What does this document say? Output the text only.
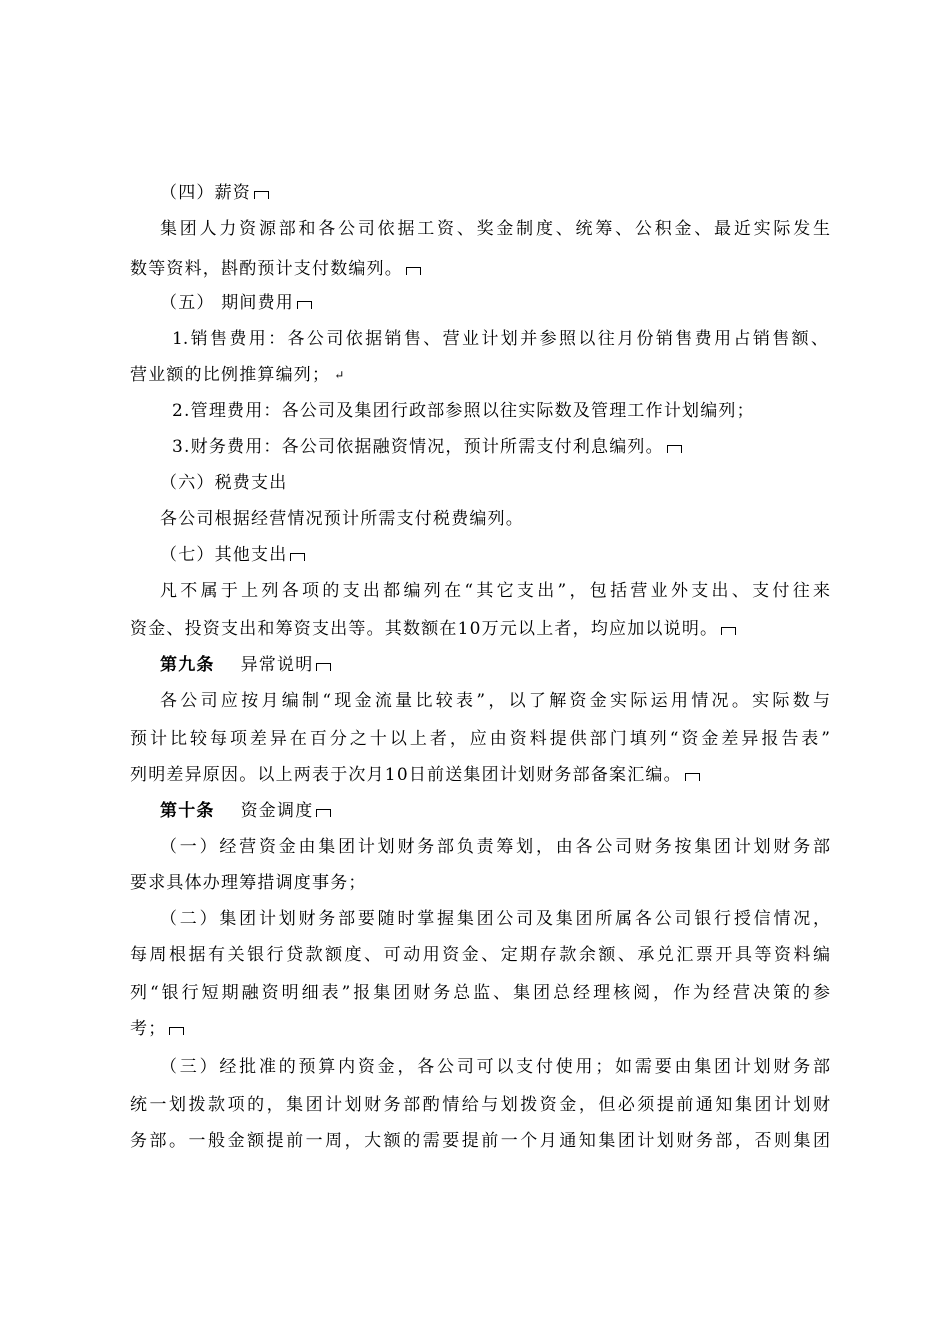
（四）薪资
集团人力资源部和各公司依据工资、奖金制度、统筹、公积金、最近实际发生
数等资料，斟酌预计支付数编列。
（五） 期间费用
1.销售费用：各公司依据销售、营业计划并参照以往月份销售费用占销售额、
营业额的比例推算编列； ↵
2.管理费用：各公司及集团行政部参照以往实际数及管理工作计划编列；
3.财务费用：各公司依据融资情况，预计所需支付利息编列。
（六）税费支出
各公司根据经营情况预计所需支付税费编列。
（七）其他支出
凡不属于上列各项的支出都编列在“其它支出”，包括营业外支出、支付往来
资金、投资支出和筹资支出等。其数额在10万元以上者，均应加以说明。
第九条 异常说明
各公司应按月编制“现金流量比较表”，以了解资金实际运用情况。实际数与
预计比较每项差异在百分之十以上者，应由资料提供部门填列“资金差异报告表”
列明差异原因。以上两表于次月10日前送集团计划财务部备案汇编。
第十条 资金调度
（一）经营资金由集团计划财务部负责筹划，由各公司财务按集团计划财务部
要求具体办理筹措调度事务；
（二）集团计划财务部要随时掌握集团公司及集团所属各公司银行授信情况，
每周根据有关银行贷款额度、可动用资金、定期存款余额、承兑汇票开具等资料编
列“银行短期融资明细表”报集团财务总监、集团总经理核阅，作为经营决策的参
考；
（三）经批准的预算内资金，各公司可以支付使用；如需要由集团计划财务部
统一划拨款项的，集团计划财务部酌情给与划拨资金，但必须提前通知集团计划财
务部。一般金额提前一周，大额的需要提前一个月通知集团计划财务部，否则集团
